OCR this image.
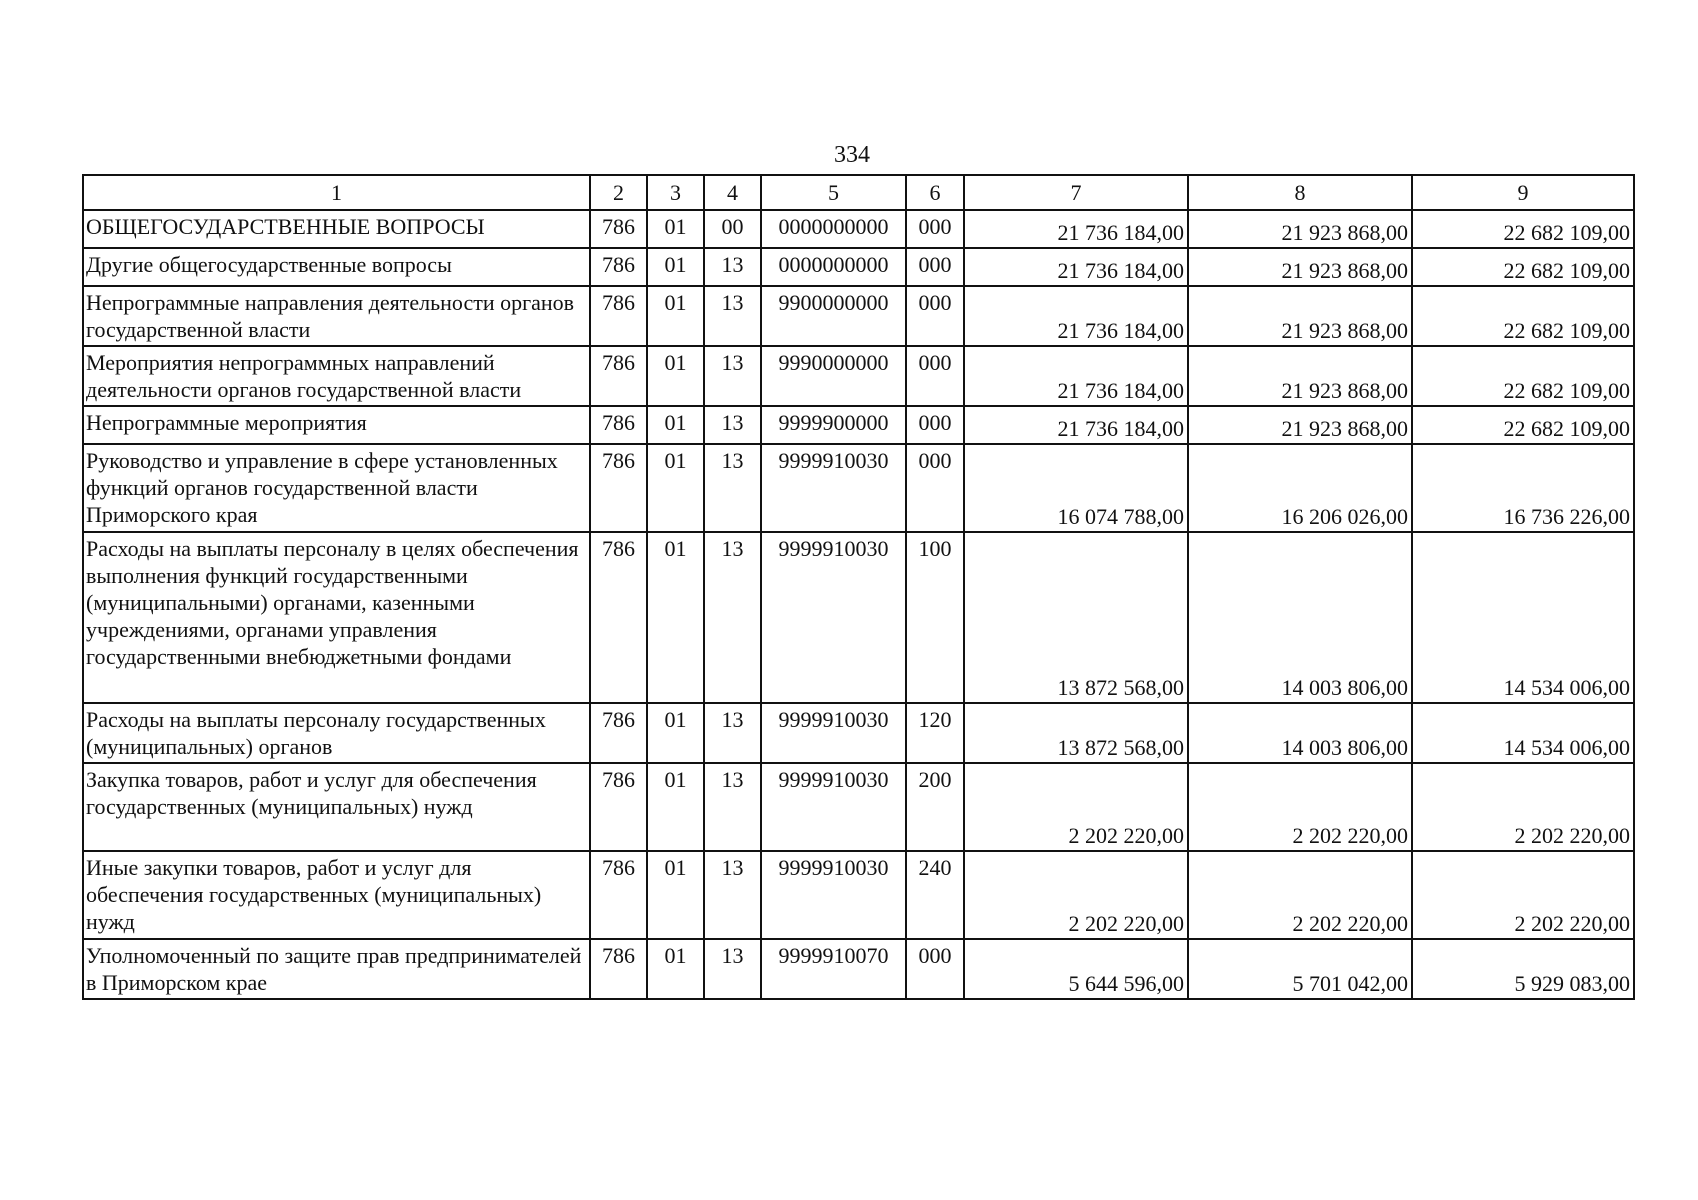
334
1	2	3	4	5	6	7	8	9
ОБЩЕГОСУДАРСТВЕННЫЕ ВОПРОСЫ	786	01	00	0000000000	000	21 736 184,00	21 923 868,00	22 682 109,00
Другие общегосударственные вопросы	786	01	13	0000000000	000	21 736 184,00	21 923 868,00	22 682 109,00
Непрограммные направления деятельности органов государственной власти	786	01	13	9900000000	000	21 736 184,00	21 923 868,00	22 682 109,00
Мероприятия непрограммных направлений деятельности органов государственной власти	786	01	13	9990000000	000	21 736 184,00	21 923 868,00	22 682 109,00
Непрограммные мероприятия	786	01	13	9999900000	000	21 736 184,00	21 923 868,00	22 682 109,00
Руководство и управление в сфере установленных функций органов государственной власти Приморского края	786	01	13	9999910030	000	16 074 788,00	16 206 026,00	16 736 226,00
Расходы на выплаты персоналу в целях обеспечения выполнения функций государственными (муниципальными) органами, казенными учреждениями, органами управления государственными внебюджетными фондами	786	01	13	9999910030	100	13 872 568,00	14 003 806,00	14 534 006,00
Расходы на выплаты персоналу государственных (муниципальных) органов	786	01	13	9999910030	120	13 872 568,00	14 003 806,00	14 534 006,00
Закупка товаров, работ и услуг для обеспечения государственных (муниципальных) нужд	786	01	13	9999910030	200	2 202 220,00	2 202 220,00	2 202 220,00
Иные закупки товаров, работ и услуг для обеспечения государственных (муниципальных) нужд	786	01	13	9999910030	240	2 202 220,00	2 202 220,00	2 202 220,00
Уполномоченный по защите прав предпринимателей в Приморском крае	786	01	13	9999910070	000	5 644 596,00	5 701 042,00	5 929 083,00
